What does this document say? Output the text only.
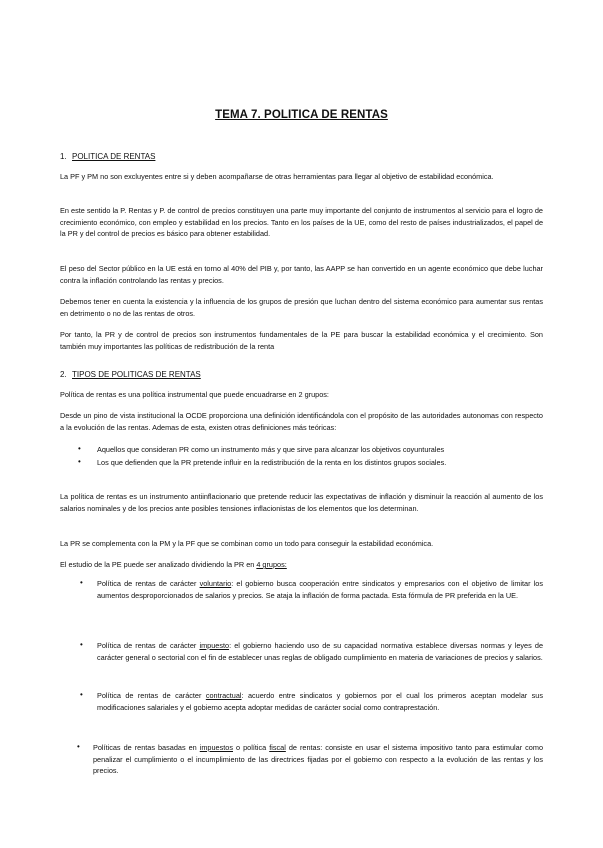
TEMA 7. POLITICA DE RENTAS
1. POLITICA DE RENTAS

La PF y PM no son excluyentes entre si y deben acompañarse de otras herramientas para llegar al objetivo de estabilidad económica.

En este sentido la P. Rentas y P. de control de precios constituyen una parte muy importante del conjunto de instrumentos al servicio para el logro de crecimiento económico, con empleo y estabilidad en los precios. Tanto en los países de la UE, como del resto de países industrializados, el papel de la PR y del control de precios es básico para obtener estabilidad.

El peso del Sector público en la UE está en torno al 40% del PIB y, por tanto, las AAPP se han convertido en un agente económico que debe luchar contra la inflación controlando las rentas y precios.

Debemos tener en cuenta la existencia y la influencia de los grupos de presión que luchan dentro del sistema económico para aumentar sus rentas en detrimento o no de las rentas de otros.

Por tanto, la PR y de control de precios son instrumentos fundamentales de la PE para buscar la estabilidad económica y el crecimiento. Son también muy importantes las políticas de redistribución de la renta

2. TIPOS DE POLITICAS DE RENTAS

Política de rentas es una política instrumental que puede encuadrarse en 2 grupos:

Desde un pino de vista institucional la OCDE proporciona una definición identificándola con el propósito de las autoridades autonomas con respecto a la evolución de las rentas. Ademas de esta, existen otras definiciones más teóricas:

• Aquellos que consideran PR como un instrumento más y que sirve para alcanzar los objetivos coyunturales

• Los que defienden que la PR pretende influir en la redistribución de la renta en los distintos grupos sociales.

La política de rentas es un instrumento antiinflacionario que pretende reducir las expectativas de inflación y disminuir la reacción al aumento de los salarios nominales y de los precios ante posibles tensiones inflacionistas de los elementos que los determinan.

La PR se complementa con la PM y la PF que se combinan como un todo para conseguir la estabilidad económica.

El estudio de la PE puede ser analizado dividiendo la PR en 4 grupos:

• Política de rentas de carácter voluntario: el gobierno busca cooperación entre sindicatos y empresarios con el objetivo de limitar los aumentos desproporcionados de salarios y precios. Se ataja la inflación de forma pactada. Esta fórmula de PR preferida en la UE.

• Política de rentas de carácter impuesto: el gobierno haciendo uso de su capacidad normativa establece diversas normas y leyes de carácter general o sectorial con el fin de establecer unas reglas de obligado cumplimiento en materia de variaciones de precios y salarios.

• Política de rentas de carácter contractual: acuerdo entre sindicatos y gobiernos por el cual los primeros aceptan modelar sus modificaciones salariales y el gobierno acepta adoptar medidas de carácter social como contraprestación.

• Políticas de rentas basadas en impuestos o política fiscal de rentas: consiste en usar el sistema impositivo tanto para estimular como penalizar el cumplimiento o el incumplimiento de las directrices fijadas por el gobierno con respecto a la evolución de las rentas y los precios.
